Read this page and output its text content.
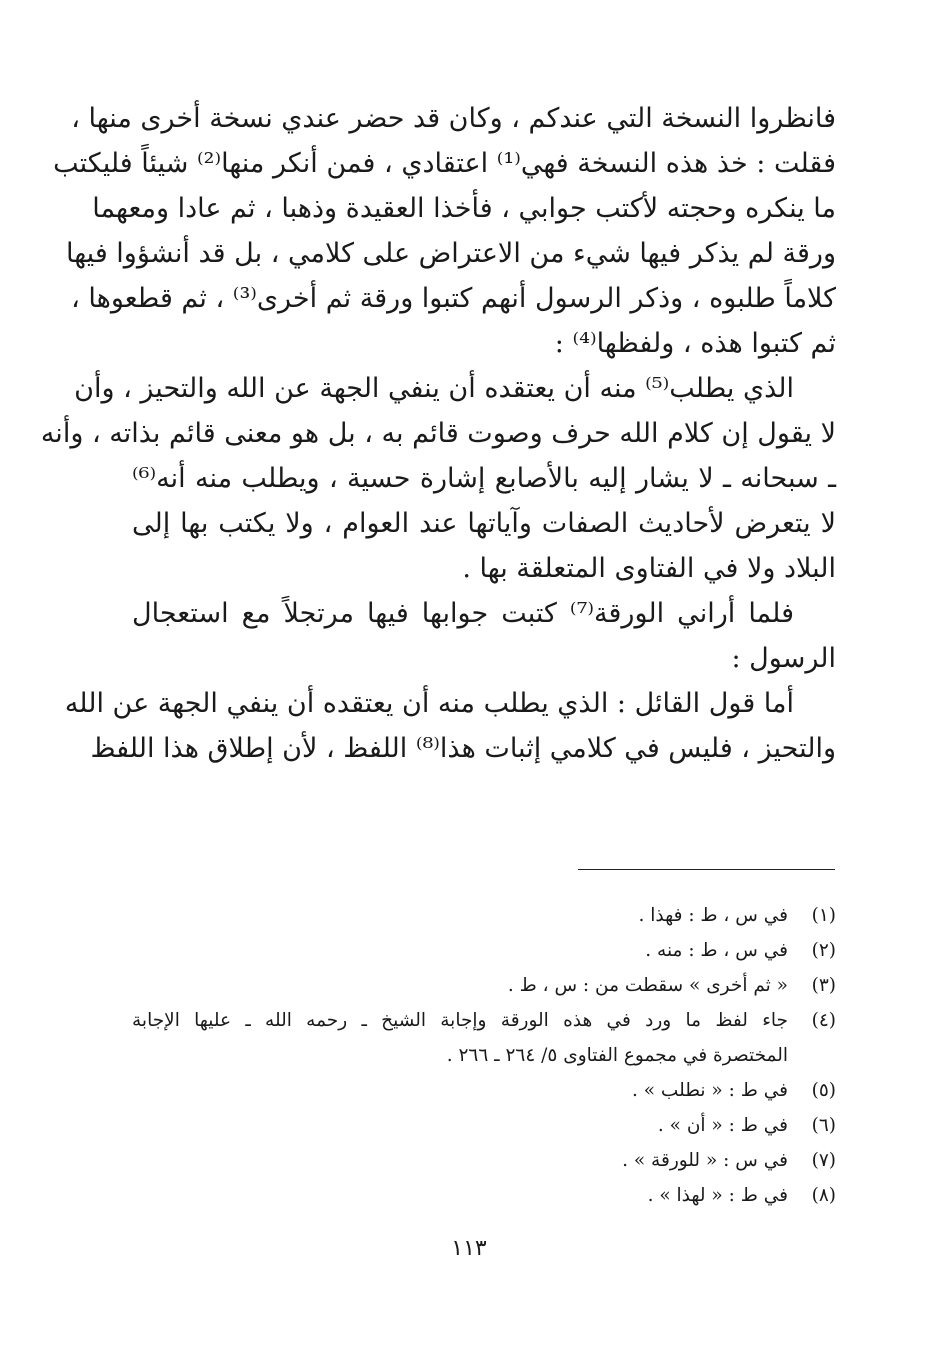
فانظروا النسخة التي عندكم ، وكان قد حضر عندي نسخة أخرى منها ،
فقلت : خذ هذه النسخة فهي⁽¹⁾ اعتقادي ، فمن أنكر منها⁽²⁾ شيئاً فليكتب
ما ينكره وحجته لأكتب جوابي ، فأخذا العقيدة وذهبا ، ثم عادا ومعهما
ورقة لم يذكر فيها شيء من الاعتراض على كلامي ، بل قد أنشؤوا فيها
كلاماً طلبوه ، وذكر الرسول أنهم كتبوا ورقة ثم أخرى⁽³⁾ ، ثم قطعوها ،
ثم كتبوا هذه ، ولفظها⁽⁴⁾ :
الذي يطلب⁽⁵⁾ منه أن يعتقده أن ينفي الجهة عن الله والتحيز ، وأن
لا يقول إن كلام الله حرف وصوت قائم به ، بل هو معنى قائم بذاته ، وأنه
ـ سبحانه ـ لا يشار إليه بالأصابع إشارة حسية ، ويطلب منه أنه⁽⁶⁾
لا يتعرض لأحاديث الصفات وآياتها عند العوام ، ولا يكتب بها إلى
البلاد ولا في الفتاوى المتعلقة بها .
فلما أراني الورقة⁽⁷⁾ كتبت جوابها فيها مرتجلاً مع استعجال
الرسول :
أما قول القائل : الذي يطلب منه أن يعتقده أن ينفي الجهة عن الله
والتحيز ، فليس في كلامي إثبات هذا⁽⁸⁾ اللفظ ، لأن إطلاق هذا اللفظ
(١)
في س ، ط : فهذا .
(٢)
في س ، ط : منه .
(٣)
« ثم أخرى » سقطت من : س ، ط .
(٤)
جاء لفظ ما ورد في هذه الورقة وإجابة الشيخ ـ رحمه الله ـ عليها الإجابة
المختصرة في مجموع الفتاوى ٥/ ٢٦٤ ـ ٢٦٦ .
(٥)
في ط : « نطلب » .
(٦)
في ط : « أن » .
(٧)
في س : « للورقة » .
(٨)
في ط : « لهذا » .
١١٣
